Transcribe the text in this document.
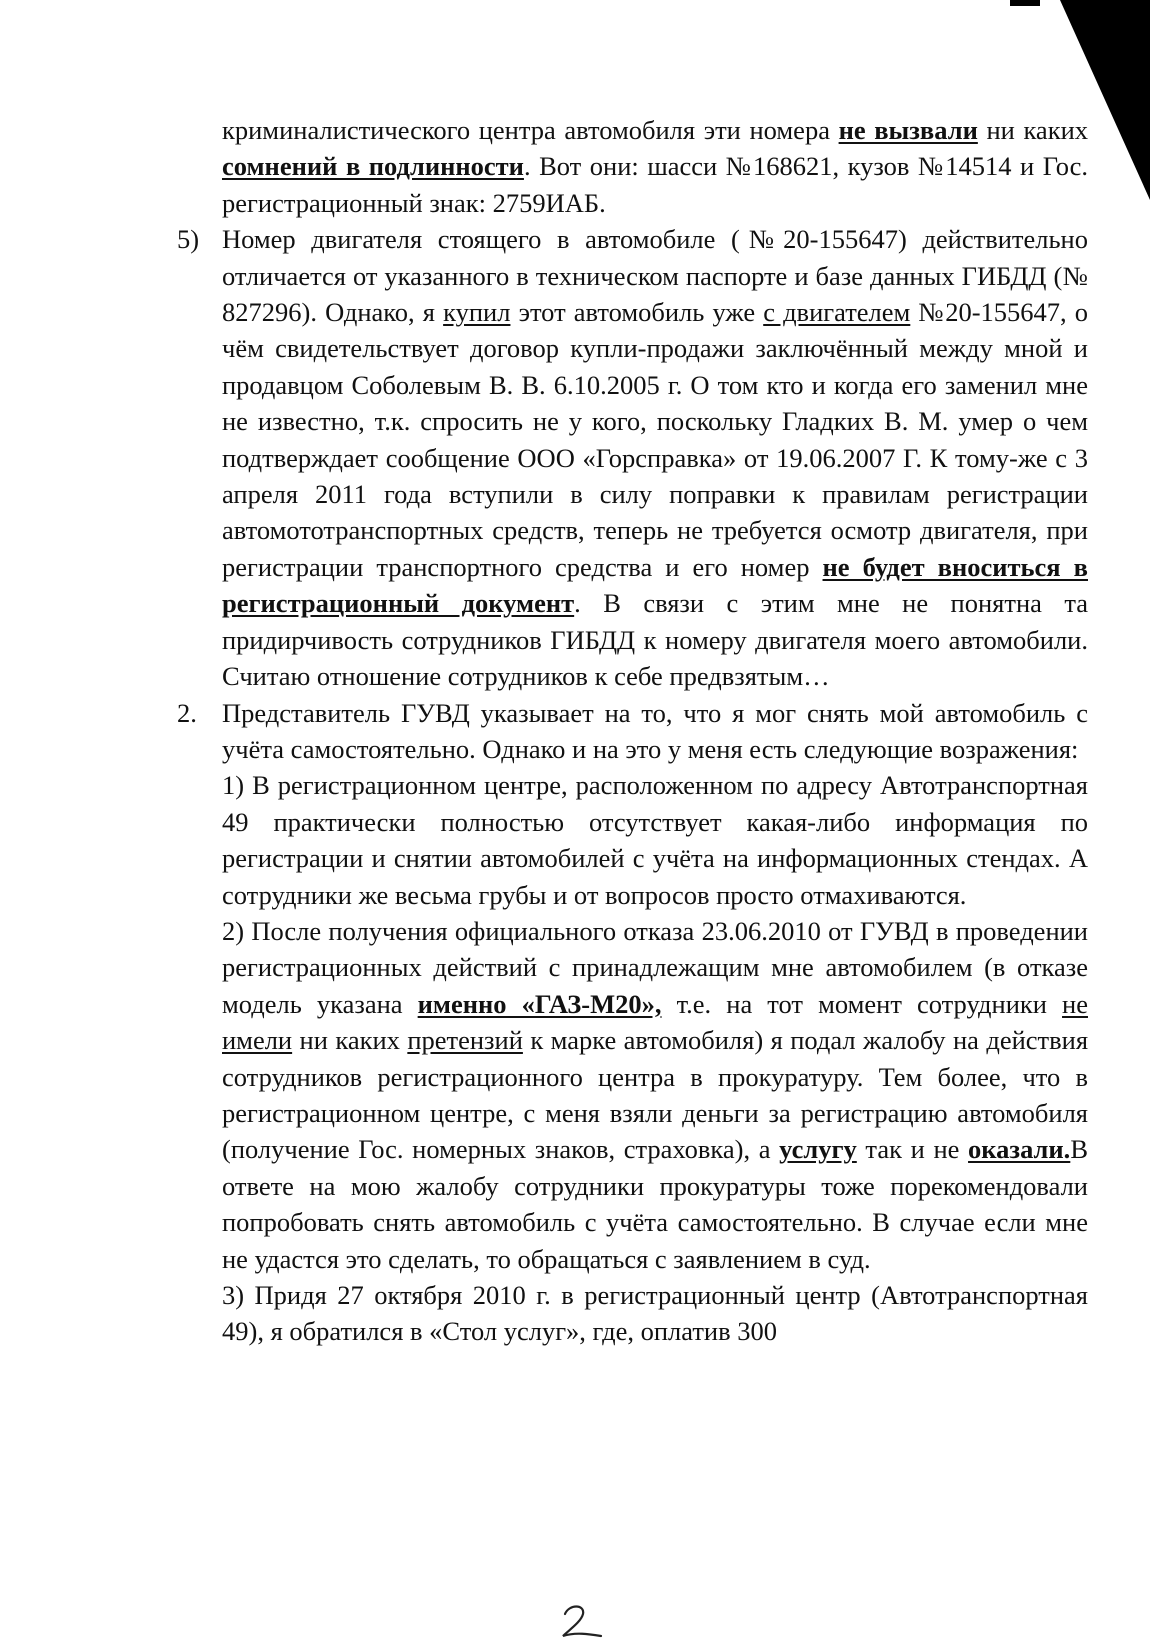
криминалистического центра автомобиля эти номера не вызвали ни каких сомнений в подлинности. Вот они: шасси №168621, кузов №14514 и Гос. регистрационный знак: 2759ИАБ.

5) Номер двигателя стоящего в автомобиле (№20-155647) действительно отличается от указанного в техническом паспорте и базе данных ГИБДД (№ 827296). Однако, я купил этот автомобиль уже с двигателем №20-155647, о чём свидетельствует договор купли-продажи заключённый между мной и продавцом Соболевым В. В. 6.10.2005 г. О том кто и когда его заменил мне не известно, т.к. спросить не у кого, поскольку Гладких В. М. умер о чем подтверждает сообщение ООО «Горсправка» от 19.06.2007 Г. К тому-же с 3 апреля 2011 года вступили в силу поправки к правилам регистрации автомототранспортных средств, теперь не требуется осмотр двигателя, при регистрации транспортного средства и его номер не будет вноситься в регистрационный документ. В связи с этим мне не понятна та придирчивость сотрудников ГИБДД к номеру двигателя моего автомобили. Считаю отношение сотрудников к себе предвзятым…

2. Представитель ГУВД указывает на то, что я мог снять мой автомобиль с учёта самостоятельно. Однако и на это у меня есть следующие возражения:

1) В регистрационном центре, расположенном по адресу Автотранспортная 49 практически полностью отсутствует какая-либо информация по регистрации и снятии автомобилей с учёта на информационных стендах. А сотрудники же весьма грубы и от вопросов просто отмахиваются.

2) После получения официального отказа 23.06.2010 от ГУВД в проведении регистрационных действий с принадлежащим мне автомобилем (в отказе модель указана именно «ГАЗ-М20», т.е. на тот момент сотрудники не имели ни каких претензий к марке автомобиля) я подал жалобу на действия сотрудников регистрационного центра в прокуратуру. Тем более, что в регистрационном центре, с меня взяли деньги за регистрацию автомобиля (получение Гос. номерных знаков, страховка), а услугу так и не оказали.В ответе на мою жалобу сотрудники прокуратуры тоже порекомендовали попробовать снять автомобиль с учёта самостоятельно. В случае если мне не удастся это сделать, то обращаться с заявлением в суд.

3) Придя 27 октября 2010 г. в регистрационный центр (Автотранспортная 49), я обратился в «Стол услуг», где, оплатив 300
